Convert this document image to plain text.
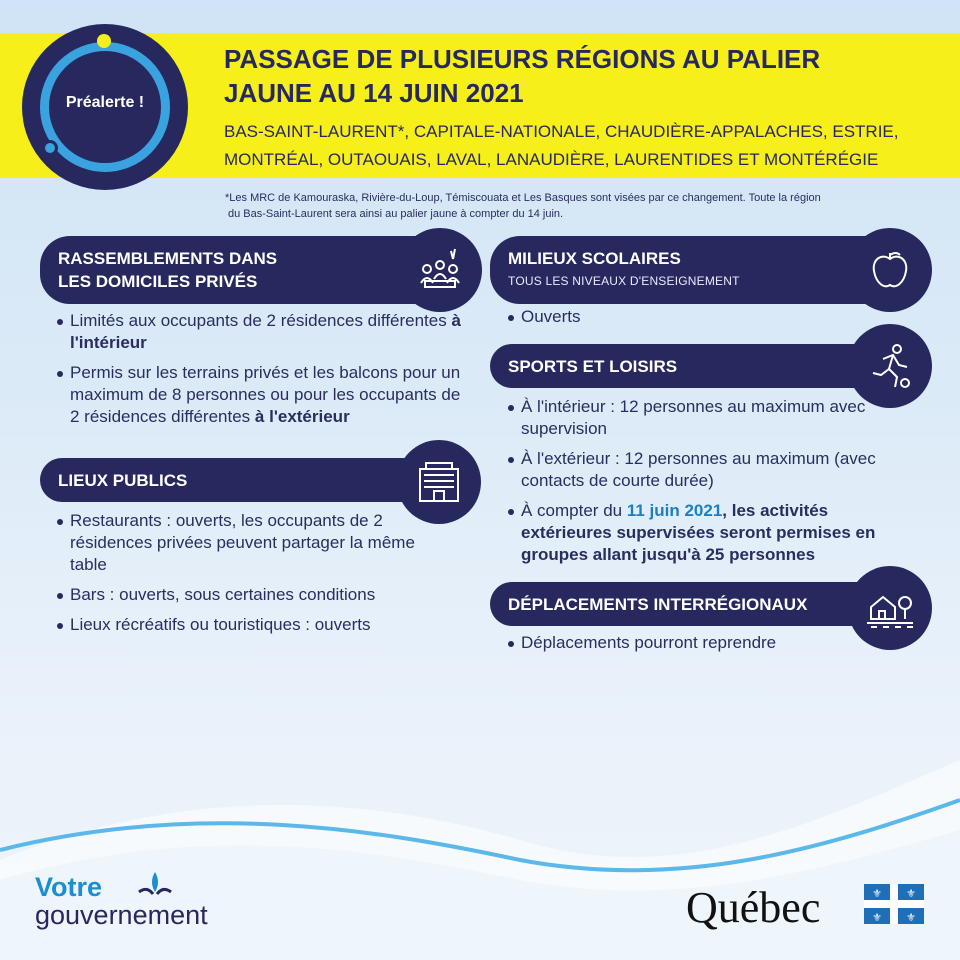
Préalerte !
PASSAGE DE PLUSIEURS RÉGIONS AU PALIER
JAUNE AU 14 JUIN 2021
BAS-SAINT-LAURENT*, CAPITALE-NATIONALE, CHAUDIÈRE-APPALACHES, ESTRIE,
MONTRÉAL, OUTAOUAIS, LAVAL, LANAUDIÈRE, LAURENTIDES ET MONTÉRÉGIE
*Les MRC de Kamouraska, Rivière-du-Loup, Témiscouata et Les Basques sont visées par ce changement. Toute la région
du Bas-Saint-Laurent sera ainsi au palier jaune à compter du 14 juin.
RASSEMBLEMENTS DANS
LES DOMICILES PRIVÉS
Limités aux occupants de 2 résidences différentes à l'intérieur
Permis sur les terrains privés et les balcons pour un maximum de 8 personnes ou pour les occupants de 2 résidences différentes à l'extérieur
LIEUX PUBLICS
Restaurants : ouverts, les occupants de 2 résidences privées peuvent partager la même table
Bars : ouverts, sous certaines conditions
Lieux récréatifs ou touristiques : ouverts
MILIEUX SCOLAIRES
TOUS LES NIVEAUX D'ENSEIGNEMENT
Ouverts
SPORTS ET LOISIRS
À l'intérieur : 12 personnes au maximum avec supervision
À l'extérieur : 12 personnes au maximum (avec contacts de courte durée)
À compter du 11 juin 2021, les activités extérieures supervisées seront permises en groupes allant jusqu'à 25 personnes
DÉPLACEMENTS INTERRÉGIONAUX
Déplacements pourront reprendre
Votre
gouvernement	Québec	⚜ ⚜
⚜ ⚜
